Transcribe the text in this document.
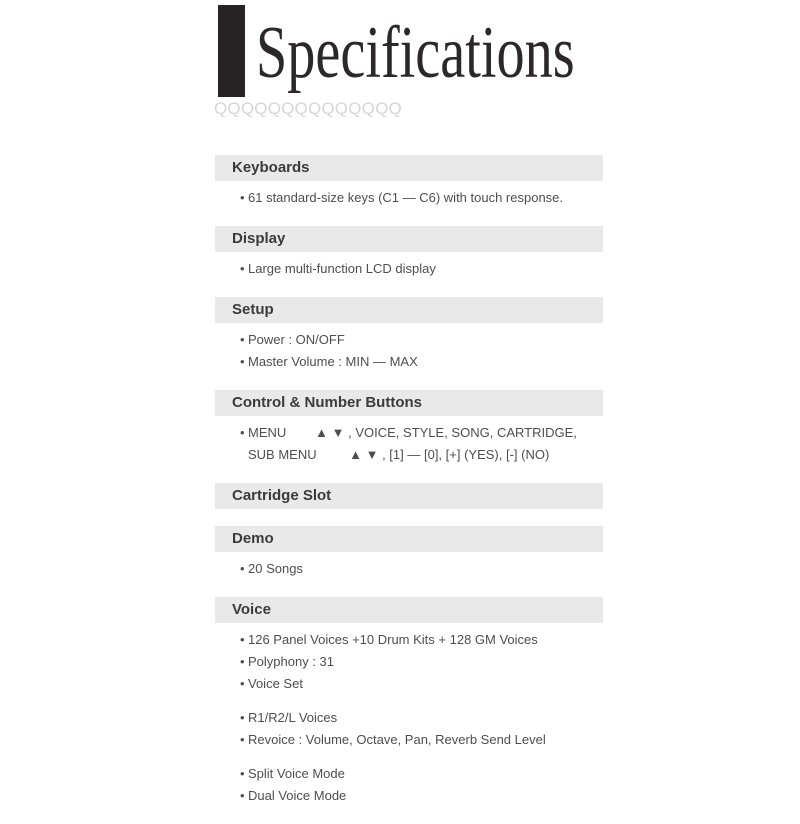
Specifications
QQQQQQQQQQQQQQ
Keyboards
• 61 standard-size keys (C1 — C6) with touch response.
Display
• Large multi-function LCD display
Setup
• Power : ON/OFF
• Master Volume : MIN — MAX
Control & Number Buttons
• MENU        ▲ ▼ , VOICE, STYLE, SONG, CARTRIDGE,
SUB MENU         ▲ ▼ , [1] — [0], [+] (YES), [-] (NO)
Cartridge Slot
Demo
• 20 Songs
Voice
• 126 Panel Voices +10 Drum Kits + 128 GM Voices
• Polyphony : 31
• Voice Set
• R1/R2/L Voices
• Revoice : Volume, Octave, Pan, Reverb Send Level
• Split Voice Mode
• Dual Voice Mode
